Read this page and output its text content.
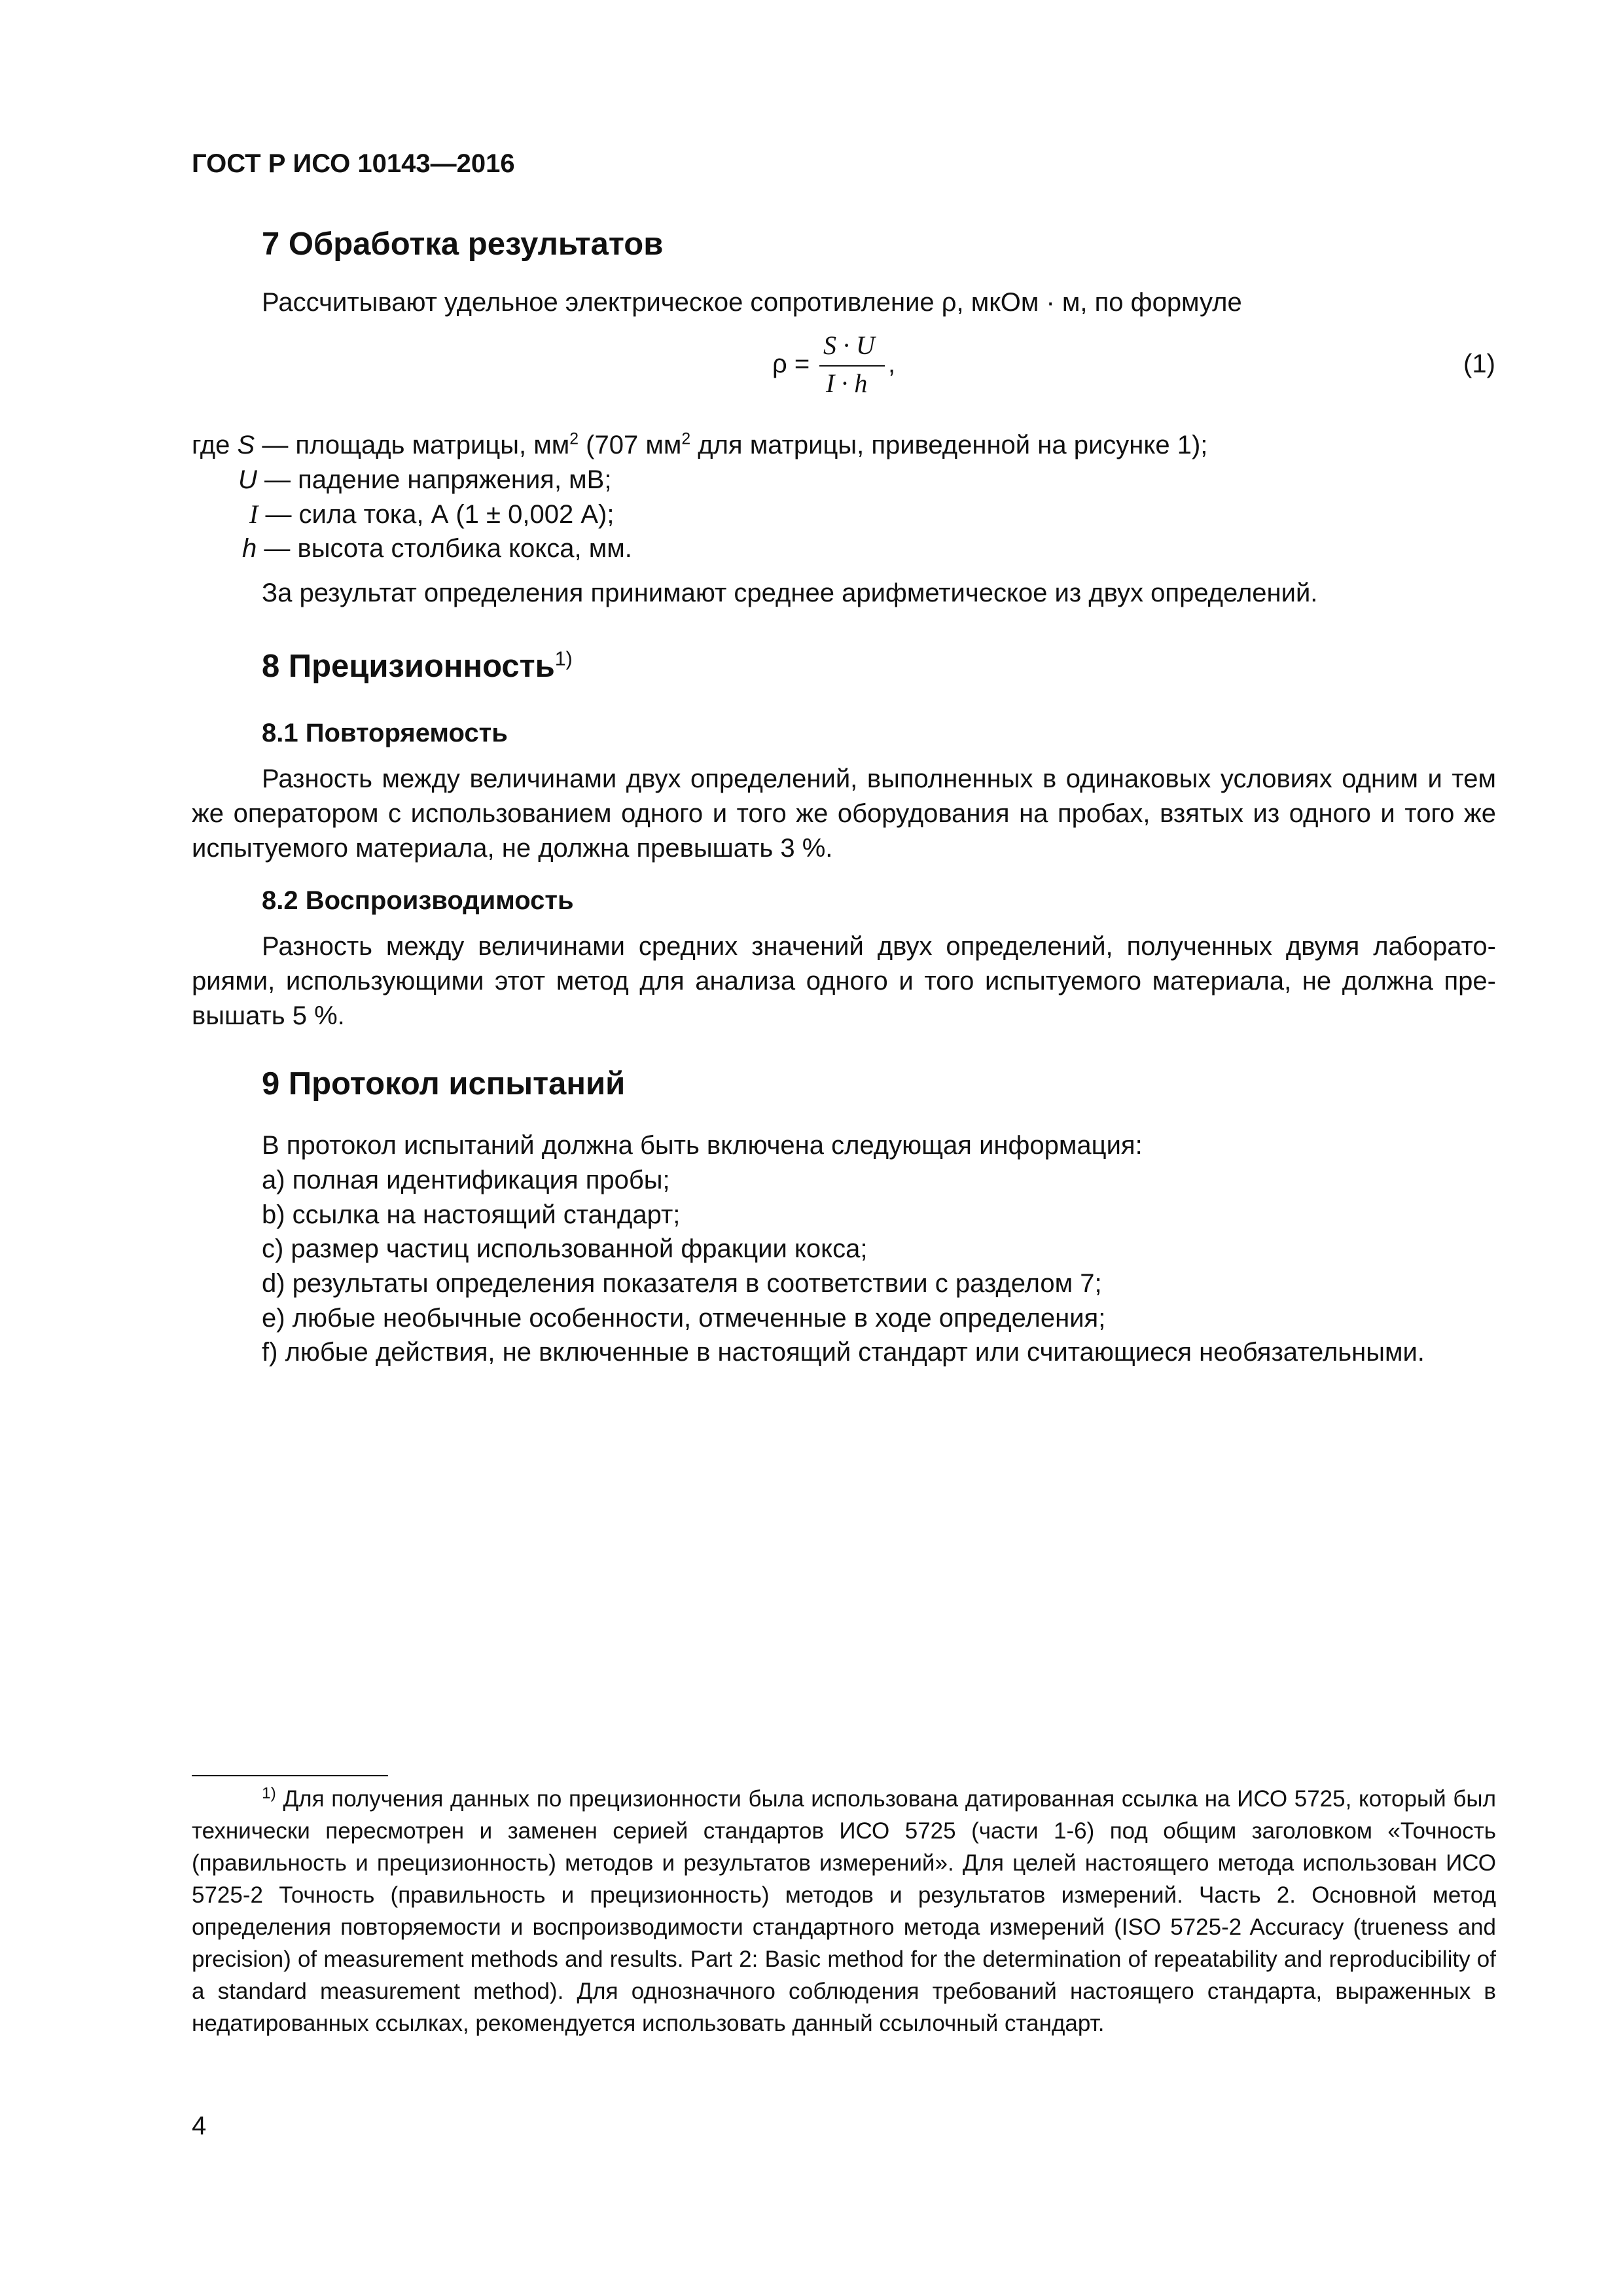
ГОСТ Р ИСО 10143—2016
7 Обработка результатов
Рассчитывают удельное электрическое сопротивление ρ, мкОм · м, по формуле
ρ =
S · U
I · h
,	(1)
где S — площадь матрицы, $мм^2$ (707 $мм^2$ для матрицы, приведенной на рисунке 1);
U — падение напряжения, мВ;
I — сила тока, А (1 ± 0,002 А);
h — высота столбика кокса, мм.
За результат определения принимают среднее арифметическое из двух определений.
8 Прецизионность$^{1)}$
8.1 Повторяемость
Разность между величинами двух определений, выполненных в одинаковых условиях одним и тем же оператором с использованием одного и того же оборудования на пробах, взятых из одного и того же испытуемого материала, не должна превышать 3 %.
8.2 Воспроизводимость
Разность между величинами средних значений двух определений, полученных двумя лабораториями, использующими этот метод для анализа одного и того испытуемого материала, не должна превышать 5 %.
9 Протокол испытаний
В протокол испытаний должна быть включена следующая информация:
a) полная идентификация пробы;
b) ссылка на настоящий стандарт;
c) размер частиц использованной фракции кокса;
d) результаты определения показателя в соответствии с разделом 7;
e) любые необычные особенности, отмеченные в ходе определения;
f) любые действия, не включенные в настоящий стандарт или считающиеся необязательными.
$^{1)}$ Для получения данных по прецизионности была использована датированная ссылка на ИСО 5725, который был технически пересмотрен и заменен серией стандартов ИСО 5725 (части 1-6) под общим заголовком «Точность (правильность и прецизионность) методов и результатов измерений». Для целей настоящего метода использован ИСО 5725-2 Точность (правильность и прецизионность) методов и результатов измерений. Часть 2. Основной метод определения повторяемости и воспроизводимости стандартного метода измерений (ISO 5725-2 Accuracy (trueness and precision) of measurement methods and results. Part 2: Basic method for the determination of repeatability and reproducibility of a standard measurement method). Для однозначного соблюдения требований настоящего стандарта, выраженных в недатированных ссылках, рекомендуется использовать данный ссылочный стандарт.
4
